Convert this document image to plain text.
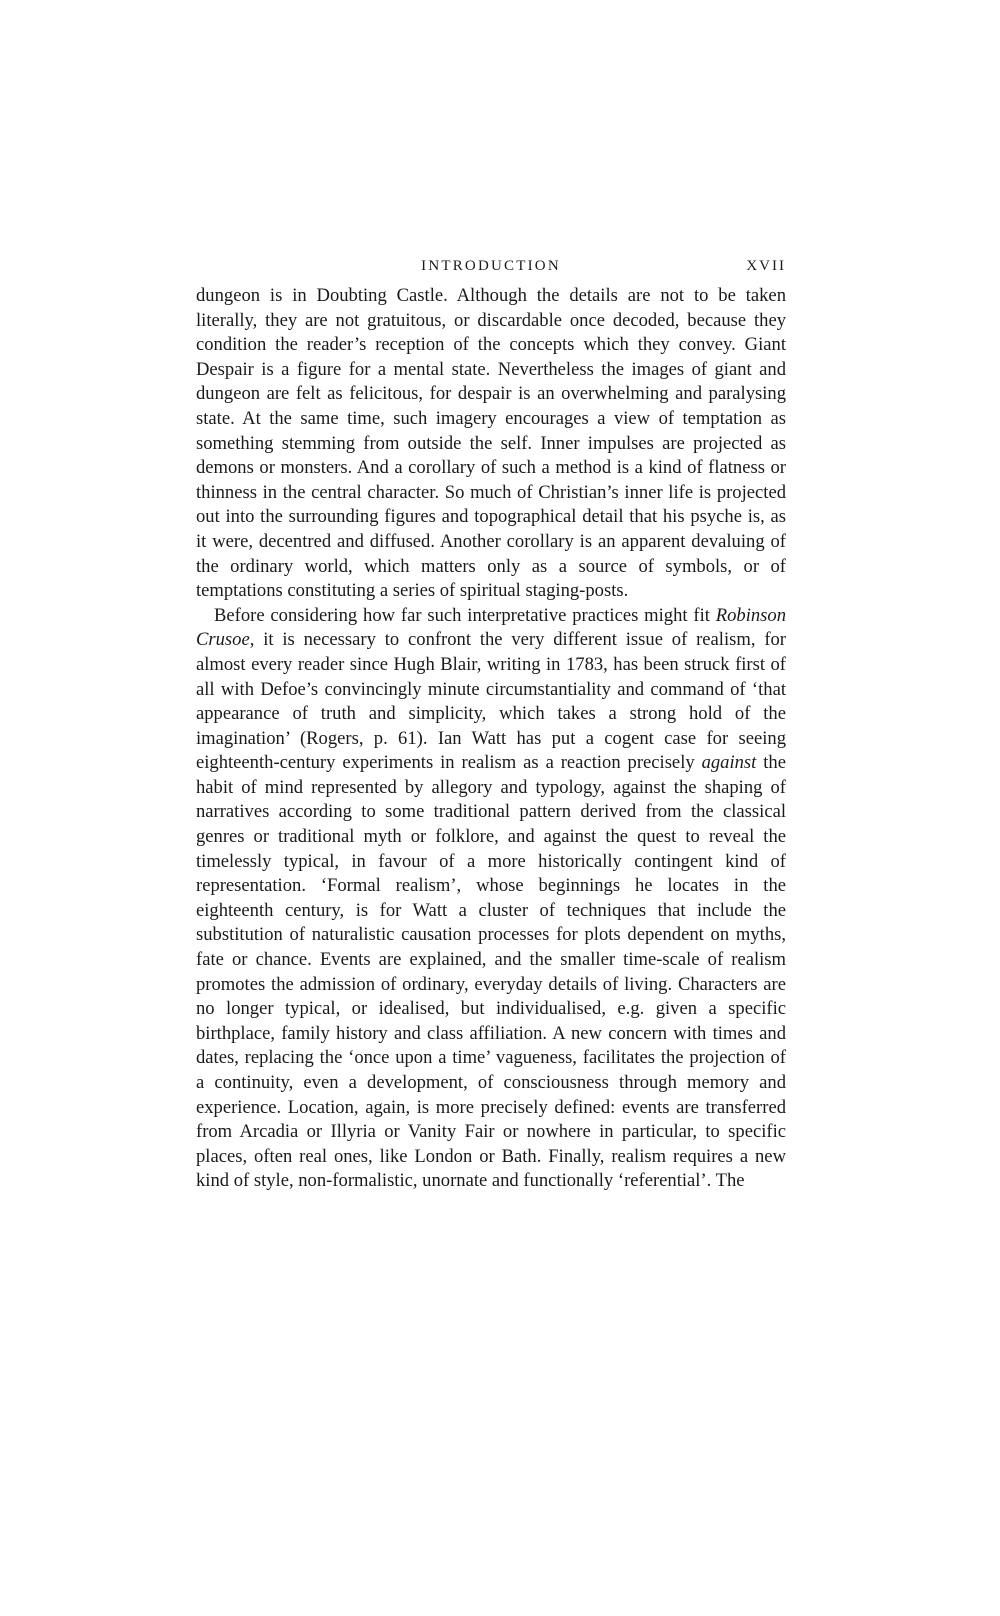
INTRODUCTION	XVII

dungeon is in Doubting Castle. Although the details are not to be taken literally, they are not gratuitous, or discardable once decoded, because they condition the reader’s reception of the concepts which they convey. Giant Despair is a figure for a mental state. Nevertheless the images of giant and dungeon are felt as felicitous, for despair is an overwhelming and paralysing state. At the same time, such imagery encourages a view of temptation as something stemming from outside the self. Inner impulses are projected as demons or monsters. And a corollary of such a method is a kind of flatness or thinness in the central character. So much of Christian’s inner life is projected out into the surrounding figures and topographical detail that his psyche is, as it were, decentred and diffused. Another corollary is an apparent devaluing of the ordinary world, which matters only as a source of symbols, or of temptations constituting a series of spiritual staging-posts.

Before considering how far such interpretative practices might fit Robinson Crusoe, it is necessary to confront the very different issue of realism, for almost every reader since Hugh Blair, writing in 1783, has been struck first of all with Defoe’s convincingly minute circumstantiality and command of ‘that appearance of truth and simplicity, which takes a strong hold of the imagination’ (Rogers, p. 61). Ian Watt has put a cogent case for seeing eighteenth-century experiments in realism as a reaction precisely against the habit of mind represented by allegory and typology, against the shaping of narratives according to some traditional pattern derived from the classical genres or traditional myth or folklore, and against the quest to reveal the timelessly typical, in favour of a more historically contingent kind of representation. ‘Formal realism’, whose beginnings he locates in the eighteenth century, is for Watt a cluster of techniques that include the substitution of naturalistic causation processes for plots dependent on myths, fate or chance. Events are explained, and the smaller time-scale of realism promotes the admission of ordinary, everyday details of living. Characters are no longer typical, or idealised, but individualised, e.g. given a specific birthplace, family history and class affiliation. A new concern with times and dates, replacing the ‘once upon a time’ vagueness, facilitates the projection of a continuity, even a development, of consciousness through memory and experience. Location, again, is more precisely defined: events are transferred from Arcadia or Illyria or Vanity Fair or nowhere in particular, to specific places, often real ones, like London or Bath. Finally, realism requires a new kind of style, non-formalistic, unornate and functionally ‘referential’. The
